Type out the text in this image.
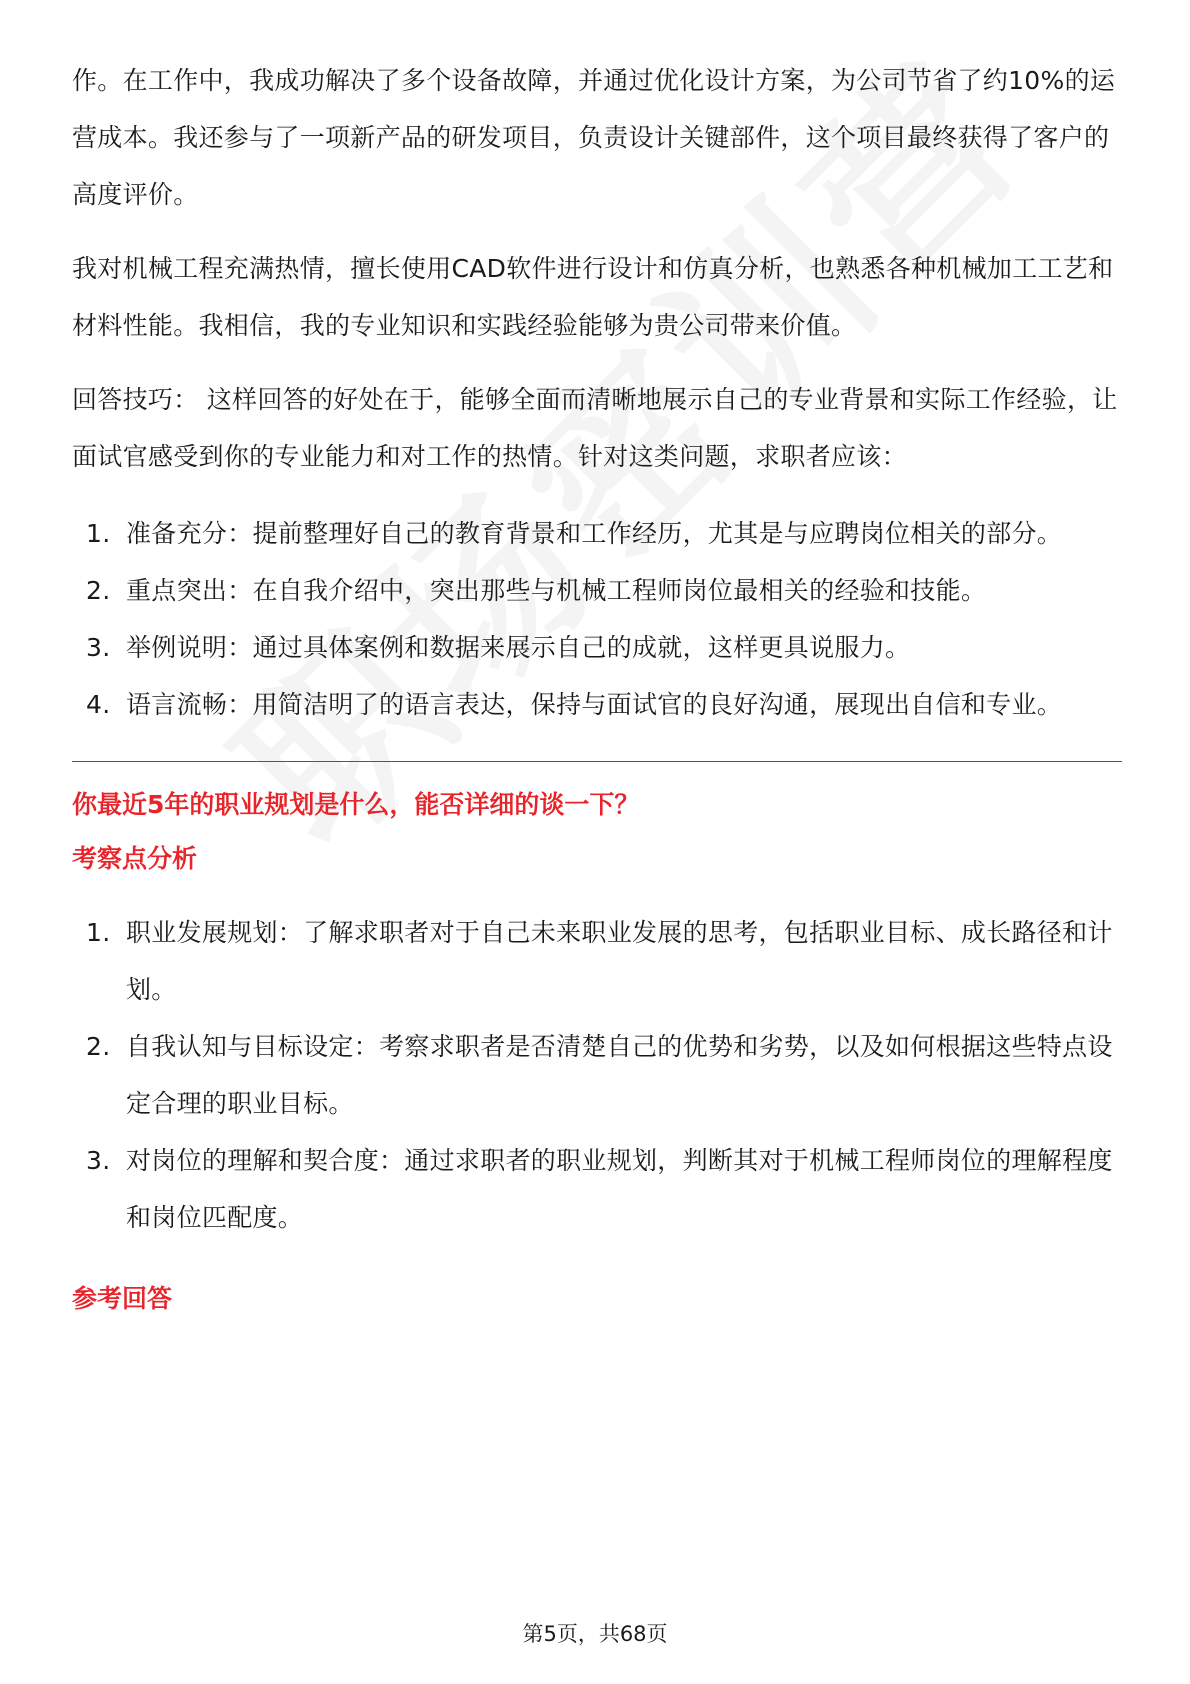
作。在工作中，我成功解决了多个设备故障，并通过优化设计方案，为公司节省了约10%的运营成本。我还参与了一项新产品的研发项目，负责设计关键部件，这个项目最终获得了客户的高度评价。

我对机械工程充满热情，擅长使用CAD软件进行设计和仿真分析，也熟悉各种机械加工工艺和材料性能。我相信，我的专业知识和实践经验能够为贵公司带来价值。

回答技巧： 这样回答的好处在于，能够全面而清晰地展示自己的专业背景和实际工作经验，让面试官感受到你的专业能力和对工作的热情。针对这类问题，求职者应该：

1. 准备充分：提前整理好自己的教育背景和工作经历，尤其是与应聘岗位相关的部分。
2. 重点突出：在自我介绍中，突出那些与机械工程师岗位最相关的经验和技能。
3. 举例说明：通过具体案例和数据来展示自己的成就，这样更具说服力。
4. 语言流畅：用简洁明了的语言表达，保持与面试官的良好沟通，展现出自信和专业。
你最近5年的职业规划是什么，能否详细的谈一下？
考察点分析
1. 职业发展规划：了解求职者对于自己未来职业发展的思考，包括职业目标、成长路径和计划。
2. 自我认知与目标设定：考察求职者是否清楚自己的优势和劣势，以及如何根据这些特点设定合理的职业目标。
3. 对岗位的理解和契合度：通过求职者的职业规划，判断其对于机械工程师岗位的理解程度和岗位匹配度。
参考回答
第5页，共68页
